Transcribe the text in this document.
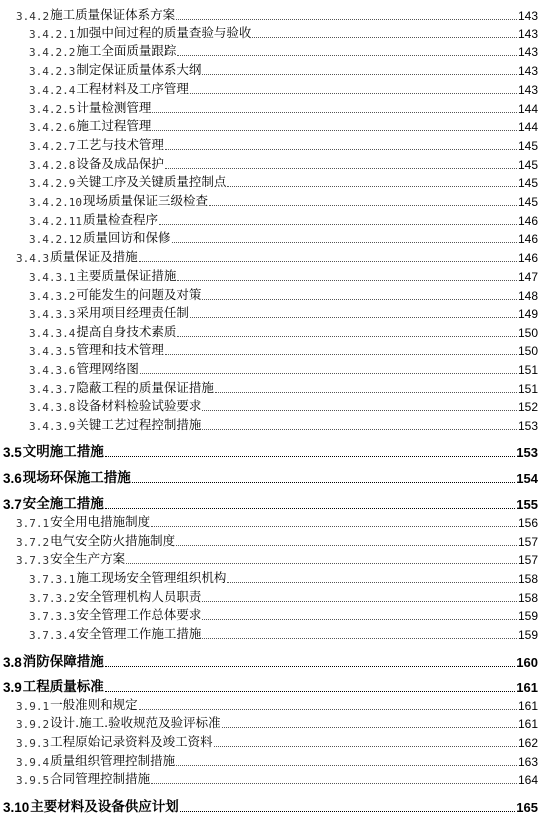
3.4.2 施工质量保证体系方案	143
3.4.2.1 加强中间过程的质量查验与验收	143
3.4.2.2 施工全面质量跟踪	143
3.4.2.3 制定保证质量体系大纲	143
3.4.2.4 工程材料及工序管理	143
3.4.2.5 计量检测管理	144
3.4.2.6 施工过程管理	144
3.4.2.7 工艺与技术管理	145
3.4.2.8 设备及成品保护	145
3.4.2.9 关键工序及关键质量控制点	145
3.4.2.10 现场质量保证三级检查	145
3.4.2.11 质量检查程序	146
3.4.2.12 质量回访和保修	146
3.4.3 质量保证及措施	146
3.4.3.1 主要质量保证措施	147
3.4.3.2 可能发生的问题及对策	148
3.4.3.3 采用项目经理责任制	149
3.4.3.4 提高自身技术素质	150
3.4.3.5 管理和技术管理	150
3.4.3.6 管理网络图	151
3.4.3.7 隐蔽工程的质量保证措施	151
3.4.3.8 设备材料检验试验要求	152
3.4.3.9 关键工艺过程控制措施	153
3.5 文明施工措施	153
3.6 现场环保施工措施	154
3.7 安全施工措施	155
3.7.1 安全用电措施制度	156
3.7.2 电气安全防火措施制度	157
3.7.3 安全生产方案	157
3.7.3.1 施工现场安全管理组织机构	158
3.7.3.2 安全管理机构人员职责	158
3.7.3.3 安全管理工作总体要求	159
3.7.3.4 安全管理工作施工措施	159
3.8 消防保障措施	160
3.9 工程质量标准	161
3.9.1 一般准则和规定	161
3.9.2 设计.施工.验收规范及验评标准	161
3.9.3 工程原始记录资料及竣工资料	162
3.9.4 质量组织管理控制措施	163
3.9.5 合同管理控制措施	164
3.10 主要材料及设备供应计划	165
